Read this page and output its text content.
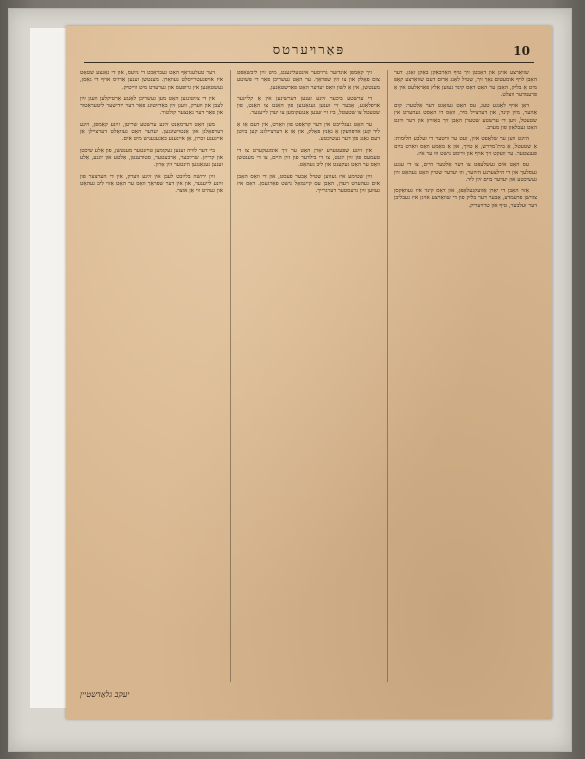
10
פּאַרױערטס

שוואַרצע אויגן און דאָכטן זיך טיף האַרבאַקן באַקן זאָגן. דער האָבן לױף אומעטום נאָך זיך, שטיל לאָנג אַרום דעם שװאַרצע קאָפּ מיט אַ בליק, האָבן ער האָט דאָס קינד געזען אַלץ פאַראַלעט אין אַ פרעמדער וועלט.

דאָן אױף לאַנגע טעג, עס האָט געזאָגט דער אַלטער: קום אַהער, מײַן קינד, און דערצײל מיר, וואָס דו האָסט געהערט אין שטעטל, ווען די ערשטע שטערן האָבן זיך באַוויזן און דער ווינט האָט געבלאָזן פון מערב.

הײַנט ווען ער שלאָפט אײַן, זעט ער וויטער די זעלבע חלומות: אַ שטעטל, אַ בית־מדרש, אַ טײַך, און אַ מאַמע וואָס וואַרט בײַם פענצטער. ער וועקט זיך אויף און ווייסט נישט וווּ ער איז.

עס האָט אים געשלעפּט צו דער אַלטער היים, צו די ענגע געסלעך און די הילצערנע הײַזער, וווּ יעדער שטיין האָט געהאַט זײַן געשיכטע און יעדער בוים זײַן ליד.

אַזױ האָבן די יאָרן אַוועקגעלאָפן, און דאָס קינד איז געוואַקסן צווישן פרעמדע, אָבער דער בליק פון די שוואַרצע אויגן איז געבליבן דער זעלבער, טיף און טרויעריק.

זיך קאַמפן אונדזער גרויסער אינטעליגענט, מיט זײַן ליבשאַפט צום פאָלק און צו זײַן שפּראַך. ער האָט געשריבן פאַר די פּשוטע מענטשן, אין אַ לשון וואָס יעדער האָט פאַרשטאַנען.

די ערשטע ביכער זײַנע זענען דערשינען אין אַ קליינער אויפלאַגע, אָבער זיי זענען געגאַנגען פון האַנט צו האַנט, פון שטעטל צו שטעטל, ביז זיי זענען אָנגעקומען צו יעדן לייענער.

ער האָט געגלייבט אין דער קראַפט פון וואָרט, אין דעם אַז אַ ליד קען אויפוועקן אַ גאַנץ פאָלק, און אַז אַ דערציילונג קען בײַטן דעם גאַנג פון דער געשיכטע.

אין זײַנע שפּעטערע יאָרן האָט ער זיך אומגעקערט צו די טעמעס פון זײַן יוגנט, צו די בילדער פון זײַן היים, צו די מענטשן וואָס ער האָט געקענט און ליב געהאַט.

זײַן שטימע איז געווען שטיל אָבער פעסט, און די וואָס האָבן אים געהערט רעדן, האָבן עס קיינמאָל נישט פאַרגעסן. דאָס איז געווען זײַן גרעסטער דערגרייך.

דער טעלעגראַף האָט געבראַכט די נײַעס, און די גאַנצע שטאָט איז אויפגעטרייסלט געוואָרן. מענטשן זענען אַרויס אויף די גאַסן, געשטאַנען אין גרופּעס און גערעדט מיט ווייטיק.

אין די צײַטונגען האָט מען געשריבן לאַנגע אַרטיקלען וועגן זײַן לעבן און ווערק, וועגן זײַן באַדײַטונג פאַר דער ייִדישער ליטעראַטור און פאַר דער גאַנצער קולטור.

מען האָט דערמאָנט זײַנע ערשטע שריטן, זײַנע קאַמפן, זײַנע דערפאָלגן און אַנטוישונגען. יעדער האָט געוואָלט דערציילן אַן אייגענע זכרון, אַן אייגענע באַגעגעניש מיט אים.

ביי דער לוויה זענען געקומען טויזנטער מענטשן, פון אַלע שיכטן און קרייזן. שרײַבער, אַרבעטער, סטודענטן, אַלטע און יונגע, אַלע זענען געגאַנגען הינטער זײַן אָרון.

זײַן ירושה בלײַבט לעבן אין זײַנע ווערק, אין די הערצער פון זײַנע לייענער, און אין דער שפּראַך וואָס ער האָט אַזוי ליב געהאַט און געהיט ווי אַן אוצר.

יעקב גלאַדשטיין
